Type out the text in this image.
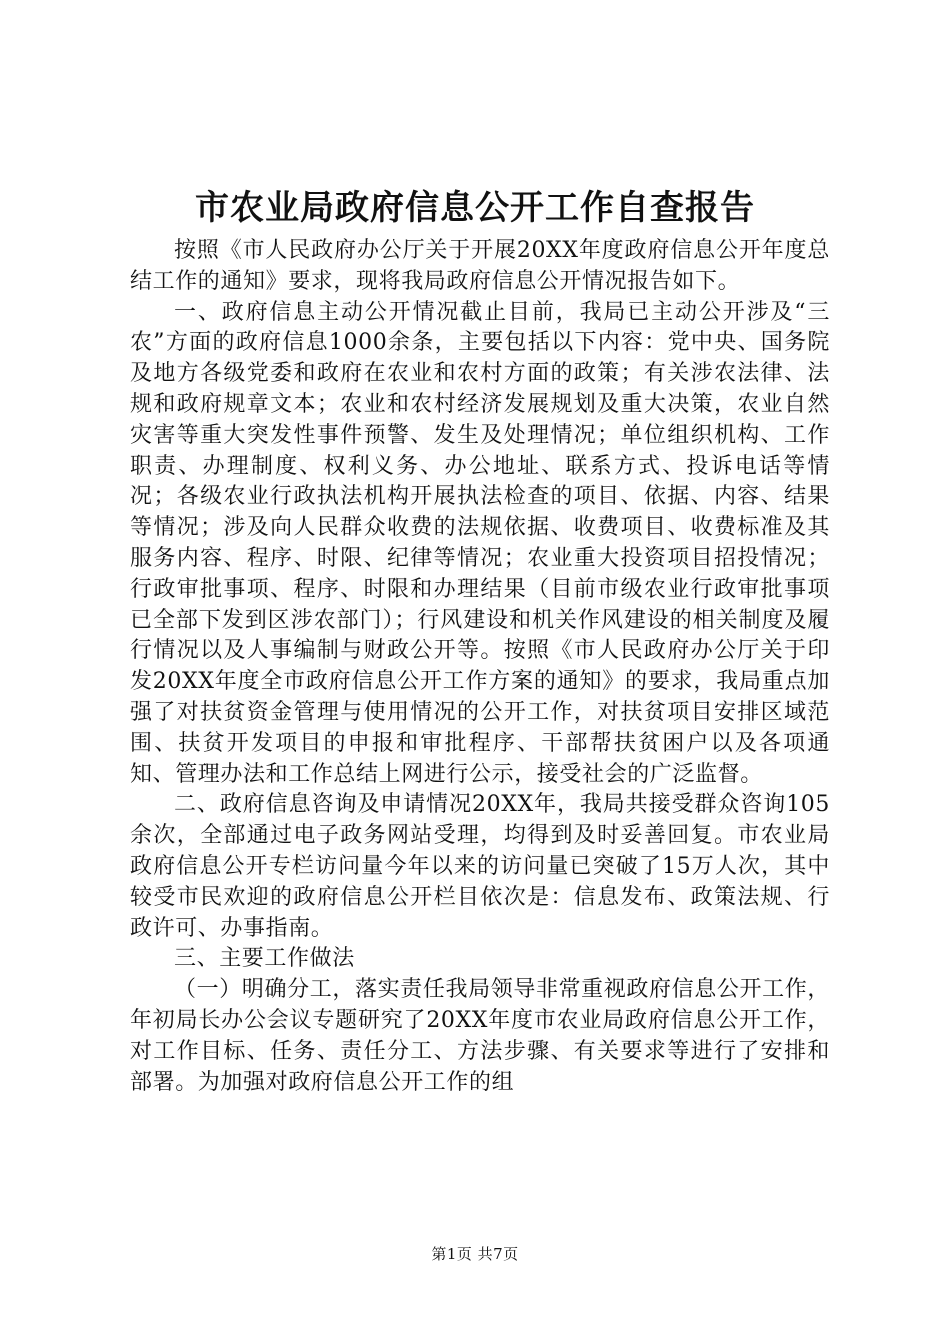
市农业局政府信息公开工作自查报告

按照《市人民政府办公厅关于开展20XX年度政府信息公开年度总结工作的通知》要求，现将我局政府信息公开情况报告如下。

一、政府信息主动公开情况截止目前，我局已主动公开涉及“三农”方面的政府信息1000余条，主要包括以下内容：党中央、国务院及地方各级党委和政府在农业和农村方面的政策；有关涉农法律、法规和政府规章文本；农业和农村经济发展规划及重大决策，农业自然灾害等重大突发性事件预警、发生及处理情况；单位组织机构、工作职责、办理制度、权利义务、办公地址、联系方式、投诉电话等情况；各级农业行政执法机构开展执法检查的项目、依据、内容、结果等情况；涉及向人民群众收费的法规依据、收费项目、收费标准及其服务内容、程序、时限、纪律等情况；农业重大投资项目招投情况；行政审批事项、程序、时限和办理结果（目前市级农业行政审批事项已全部下发到区涉农部门）；行风建设和机关作风建设的相关制度及履行情况以及人事编制与财政公开等。按照《市人民政府办公厅关于印发20XX年度全市政府信息公开工作方案的通知》的要求，我局重点加强了对扶贫资金管理与使用情况的公开工作，对扶贫项目安排区域范围、扶贫开发项目的申报和审批程序、干部帮扶贫困户以及各项通知、管理办法和工作总结上网进行公示，接受社会的广泛监督。

二、政府信息咨询及申请情况20XX年，我局共接受群众咨询105余次，全部通过电子政务网站受理，均得到及时妥善回复。市农业局政府信息公开专栏访问量今年以来的访问量已突破了15万人次，其中较受市民欢迎的政府信息公开栏目依次是：信息发布、政策法规、行政许可、办事指南。

三、主要工作做法

（一）明确分工，落实责任我局领导非常重视政府信息公开工作，年初局长办公会议专题研究了20XX年度市农业局政府信息公开工作，对工作目标、任务、责任分工、方法步骤、有关要求等进行了安排和部署。为加强对政府信息公开工作的组

第1页 共7页
